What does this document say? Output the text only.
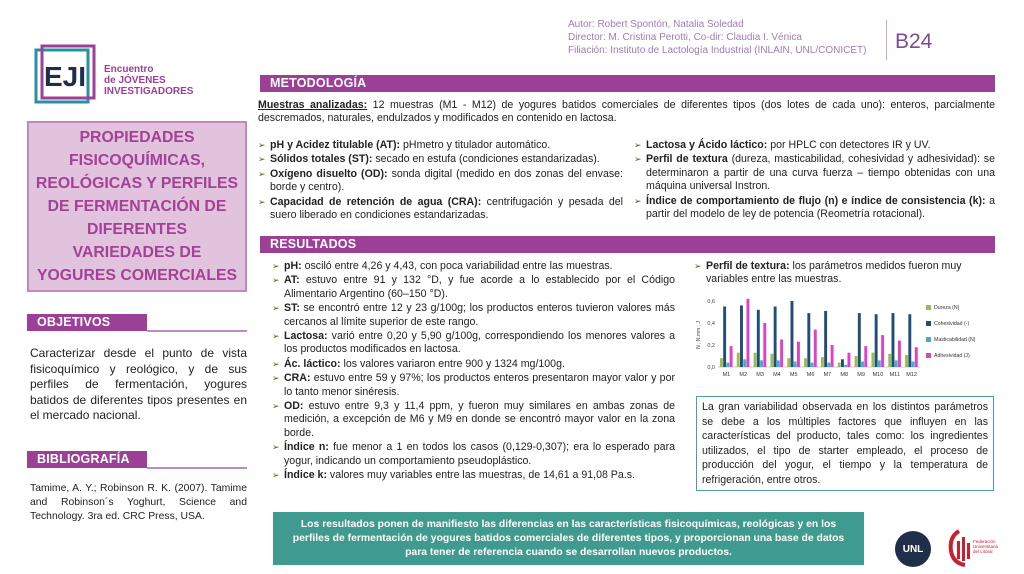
EJI Encuentro
de JÓVENES
INVESTIGADORES
Autor: Robert Spontón, Natalia Soledad
Director: M. Cristina Perotti, Co-dir: Claudia I. Vénica
Filiación: Instituto de Lactología Industrial (INLAIN, UNL/CONICET)	B24
PROPIEDADES FISICOQUÍMICAS, REOLÓGICAS Y PERFILES DE FERMENTACIÓN DE DIFERENTES VARIEDADES DE YOGURES COMERCIALES
OBJETIVOS
Caracterizar desde el punto de vista fisicoquímico y reológico, y de sus perfiles de fermentación, yogures batidos de diferentes tipos presentes en el mercado nacional.
BIBLIOGRAFÍA
Tamime, A. Y.; Robinson R. K. (2007). Tamime and Robinson´s Yoghurt, Science and Technology. 3ra ed. CRC Press, USA.
METODOLOGÍA
Muestras analizadas: 12 muestras (M1 - M12) de yogures batidos comerciales de diferentes tipos (dos lotes de cada uno): enteros, parcialmente descremados, naturales, endulzados y modificados en contenido en lactosa.
➢ pH y Acidez titulable (AT): pHmetro y titulador automático.
➢ Sólidos totales (ST): secado en estufa (condiciones estandarizadas).
➢ Oxígeno disuelto (OD): sonda digital (medido en dos zonas del envase: borde y centro).
➢ Capacidad de retención de agua (CRA): centrifugación y pesada del suero liberado en condiciones estandarizadas.
➢ Lactosa y Ácido láctico: por HPLC con detectores IR y UV.
➢ Perfil de textura (dureza, masticabilidad, cohesividad y adhesividad): se determinaron a partir de una curva fuerza – tiempo obtenidas con una máquina universal Instron.
➢ Índice de comportamiento de flujo (n) e índice de consistencia (k): a partir del modelo de ley de potencia (Reometría rotacional).
RESULTADOS
➢ pH: osciló entre 4,26 y 4,43, con poca variabilidad entre las muestras.
➢ AT: estuvo entre 91 y 132 °D, y fue acorde a lo establecido por el Código Alimentario Argentino (60–150 °D).
➢ ST: se encontró entre 12 y 23 g/100g; los productos enteros tuvieron valores más cercanos al límite superior de este rango.
➢ Lactosa: varió entre 0,20 y 5,90 g/100g, correspondiendo los menores valores a los productos modificados en lactosa.
➢ Ác. láctico: los valores variaron entre 900 y 1324 mg/100g.
➢ CRA: estuvo entre 59 y 97%; los productos enteros presentaron mayor valor y por lo tanto menor sinéresis.
➢ OD: estuvo entre 9,3 y 11,4 ppm, y fueron muy similares en ambas zonas de medición, a excepción de M6 y M9 en donde se encontró mayor valor en la zona borde.
➢ Índice n: fue menor a 1 en todos los casos (0,129-0,307); era lo esperado para yogur, indicando un comportamiento pseudoplástico.
➢ Índice k: valores muy variables entre las muestras, de 14,61 a 91,08 Pa.s.
➢ Perfil de textura: los parámetros medidos fueron muy variables entre las muestras.
0,0
0,2
0,4
0,6
N ; N.mm ; J
M1 M2 M3 M4 M5 M6 M7 M8 M9 M10 M11 M12
Dureza (N)
Cohesividad (-)
Masticabilidad (N)
Adhesividad (J)
La gran variabilidad observada en los distintos parámetros se debe a los múltiples factores que influyen en las características del producto, tales como: los ingredientes utilizados, el tipo de starter empleado, el proceso de producción del yogur, el tiempo y la temperatura de refrigeración, entre otros.
Los resultados ponen de manifiesto las diferencias en las características fisicoquímicas, reológicas y en los perfiles de fermentación de yogures batidos comerciales de diferentes tipos, y proporcionan una base de datos para tener de referencia cuando se desarrollan nuevos productos.	UNL
Federación
Universitaria
del Litoral
